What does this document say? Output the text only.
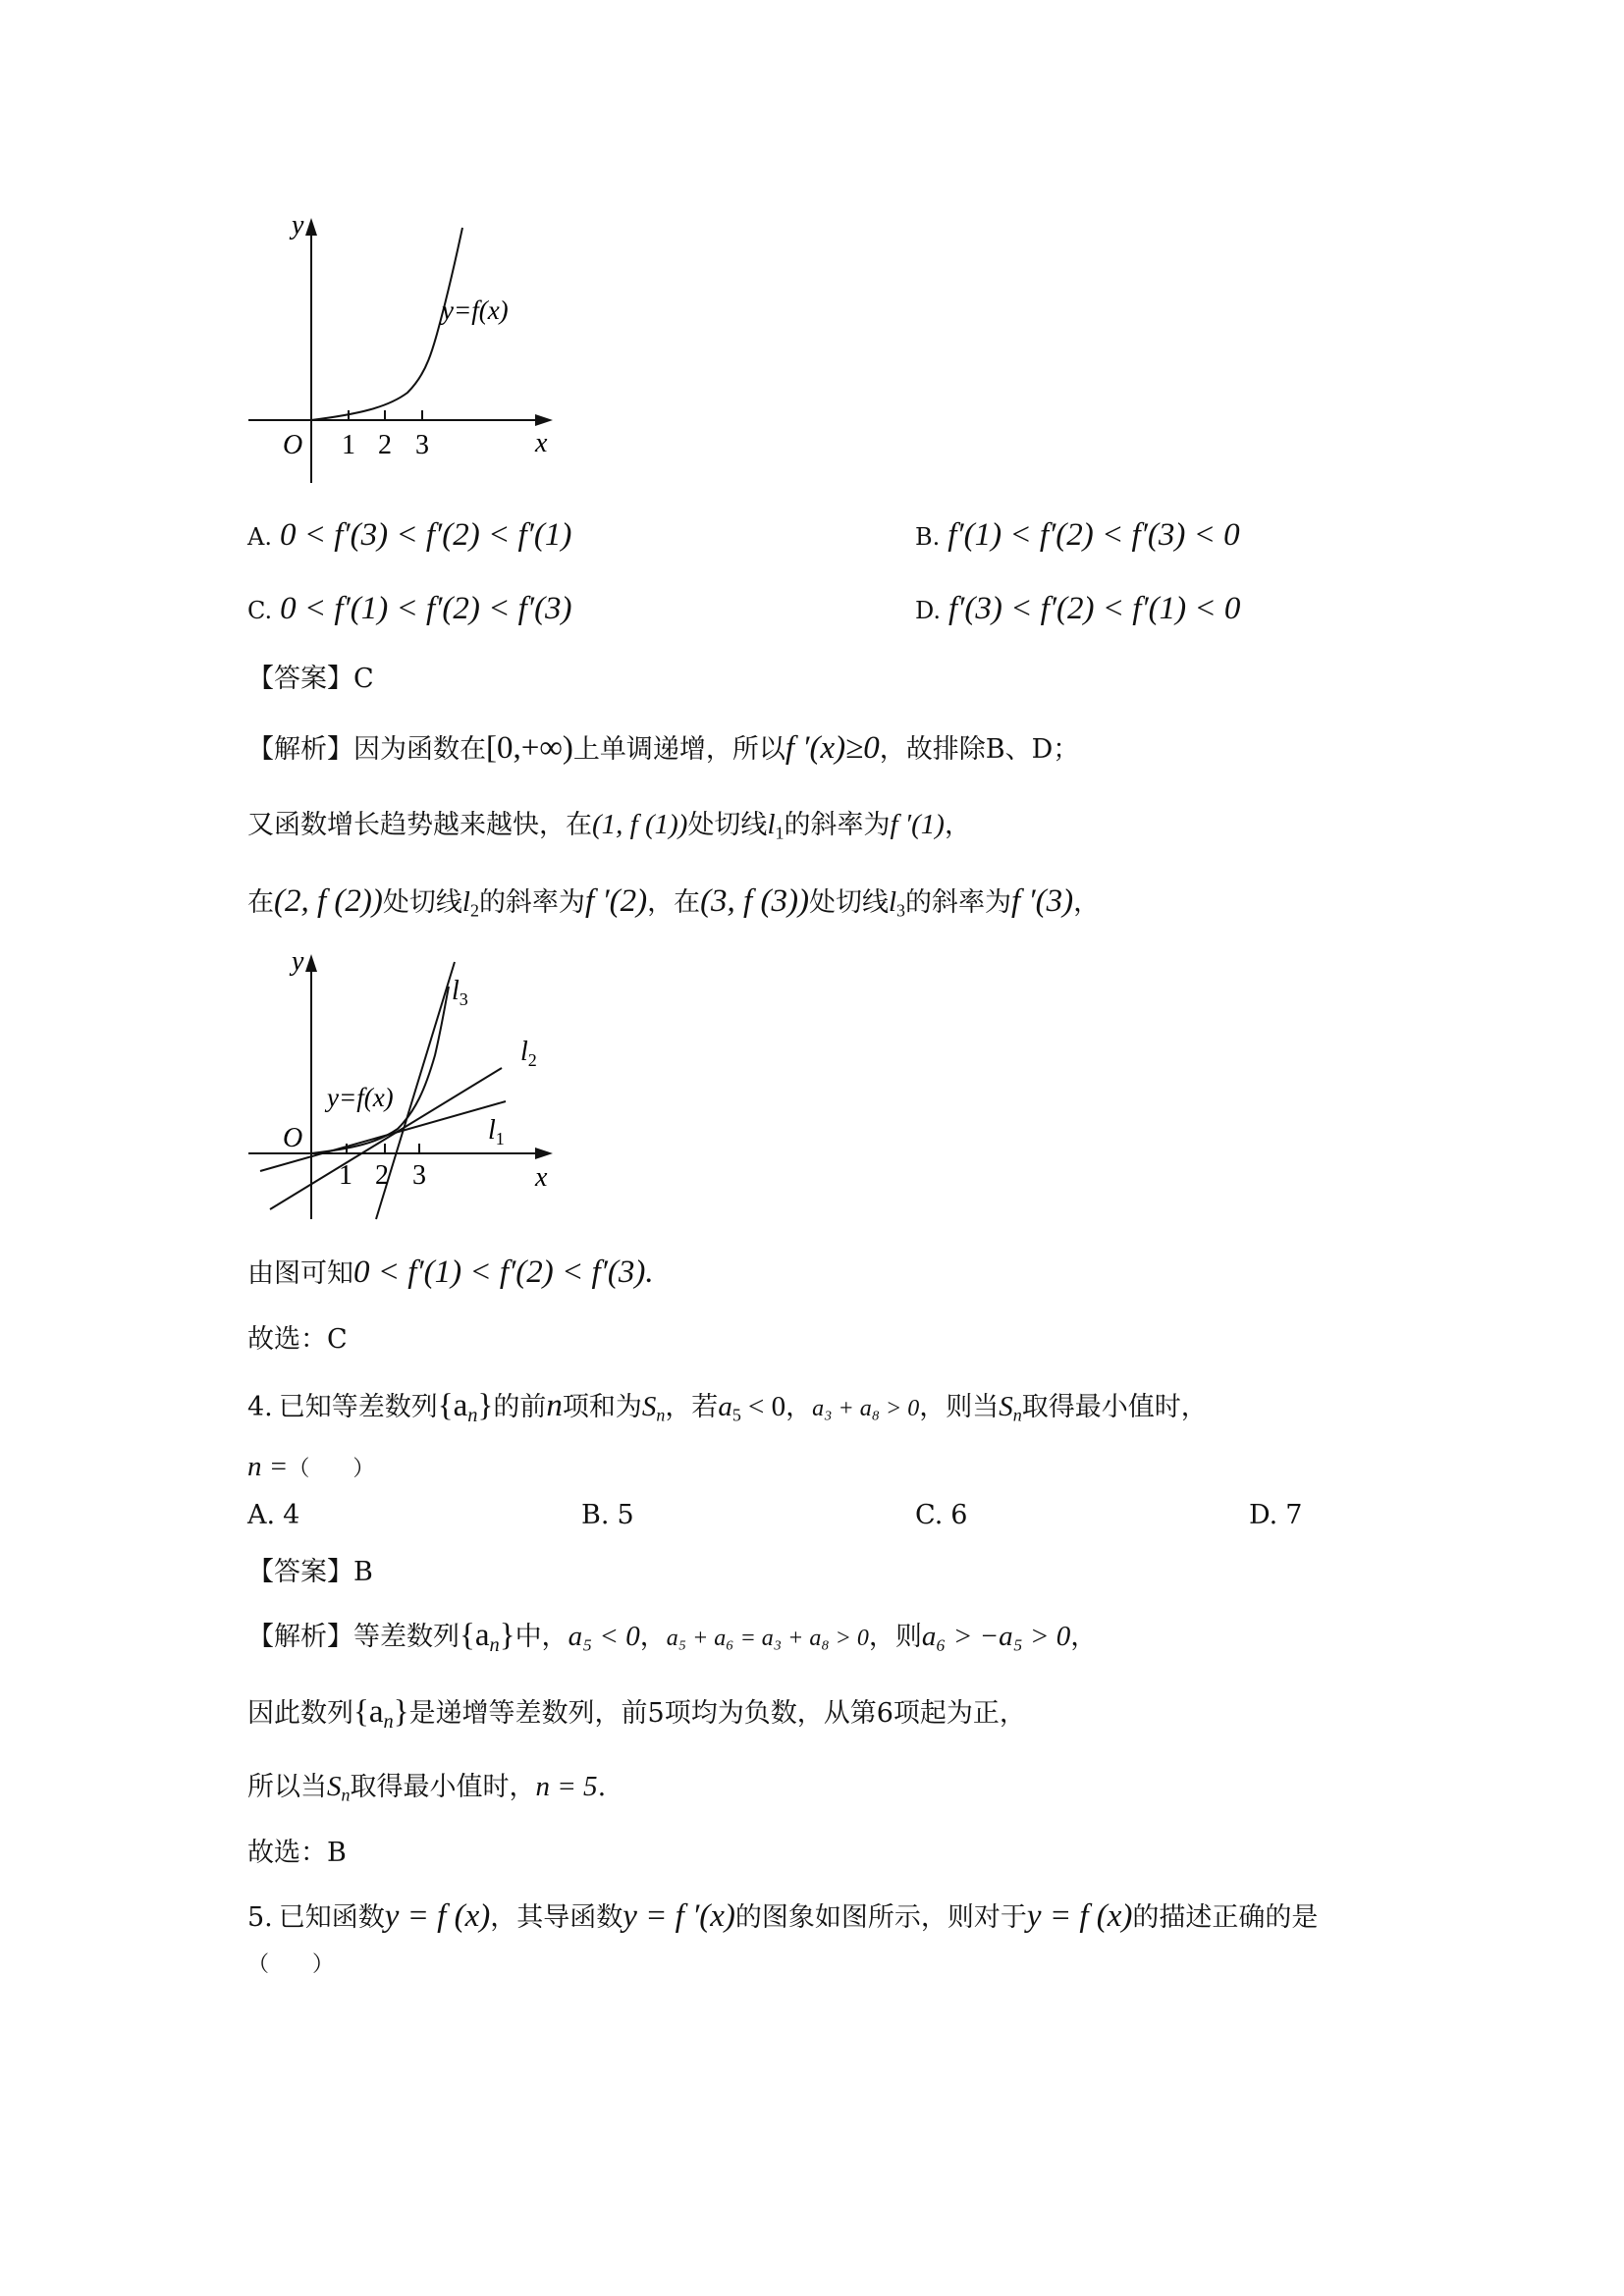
y
x
O 1 2 3
y=f(x)
A. 0 < f′(3) < f′(2) < f′(1)	B. f′(1) < f′(2) < f′(3) < 0
C. 0 < f′(1) < f′(2) < f′(3)	D. f′(3) < f′(2) < f′(1) < 0
【答案】C
【解析】因为函数在[0,+∞)上单调递增，所以f ′(x)≥0，故排除B、D；
又函数增长趋势越来越快，在(1, f (1))处切线$l_1$的斜率为f ′(1)，
在(2, f (2))处切线$l_2$的斜率为f ′(2)，在(3, f (3))处切线$l_3$的斜率为f ′(3)，
y
x
O
1 2 3
y=f(x)
$l_1$
$l_2$
$l_3$
由图可知0 < f′(1) < f′(2) < f′(3).
故选：C
4. 已知等差数列$\{a_n\}$的前n项和为$S_n$，若$a_5 < 0$，a₃ + a₈ > 0，则当$S_n$取得最小值时，
n =（　　）
A. 4	B. 5	C. 6	D. 7
【答案】B
【解析】等差数列$\{a_n\}$中，a₅ < 0，a₅ + a₆ = a₃ + a₈ > 0，则a₆ > −a₅ > 0，
因此数列$\{a_n\}$是递增等差数列，前5项均为负数，从第6项起为正，
所以当$S_n$取得最小值时，n = 5.
故选：B
5. 已知函数y = f (x)，其导函数y = f ′(x)的图象如图所示，则对于y = f (x)的描述正确的是
（　　）
